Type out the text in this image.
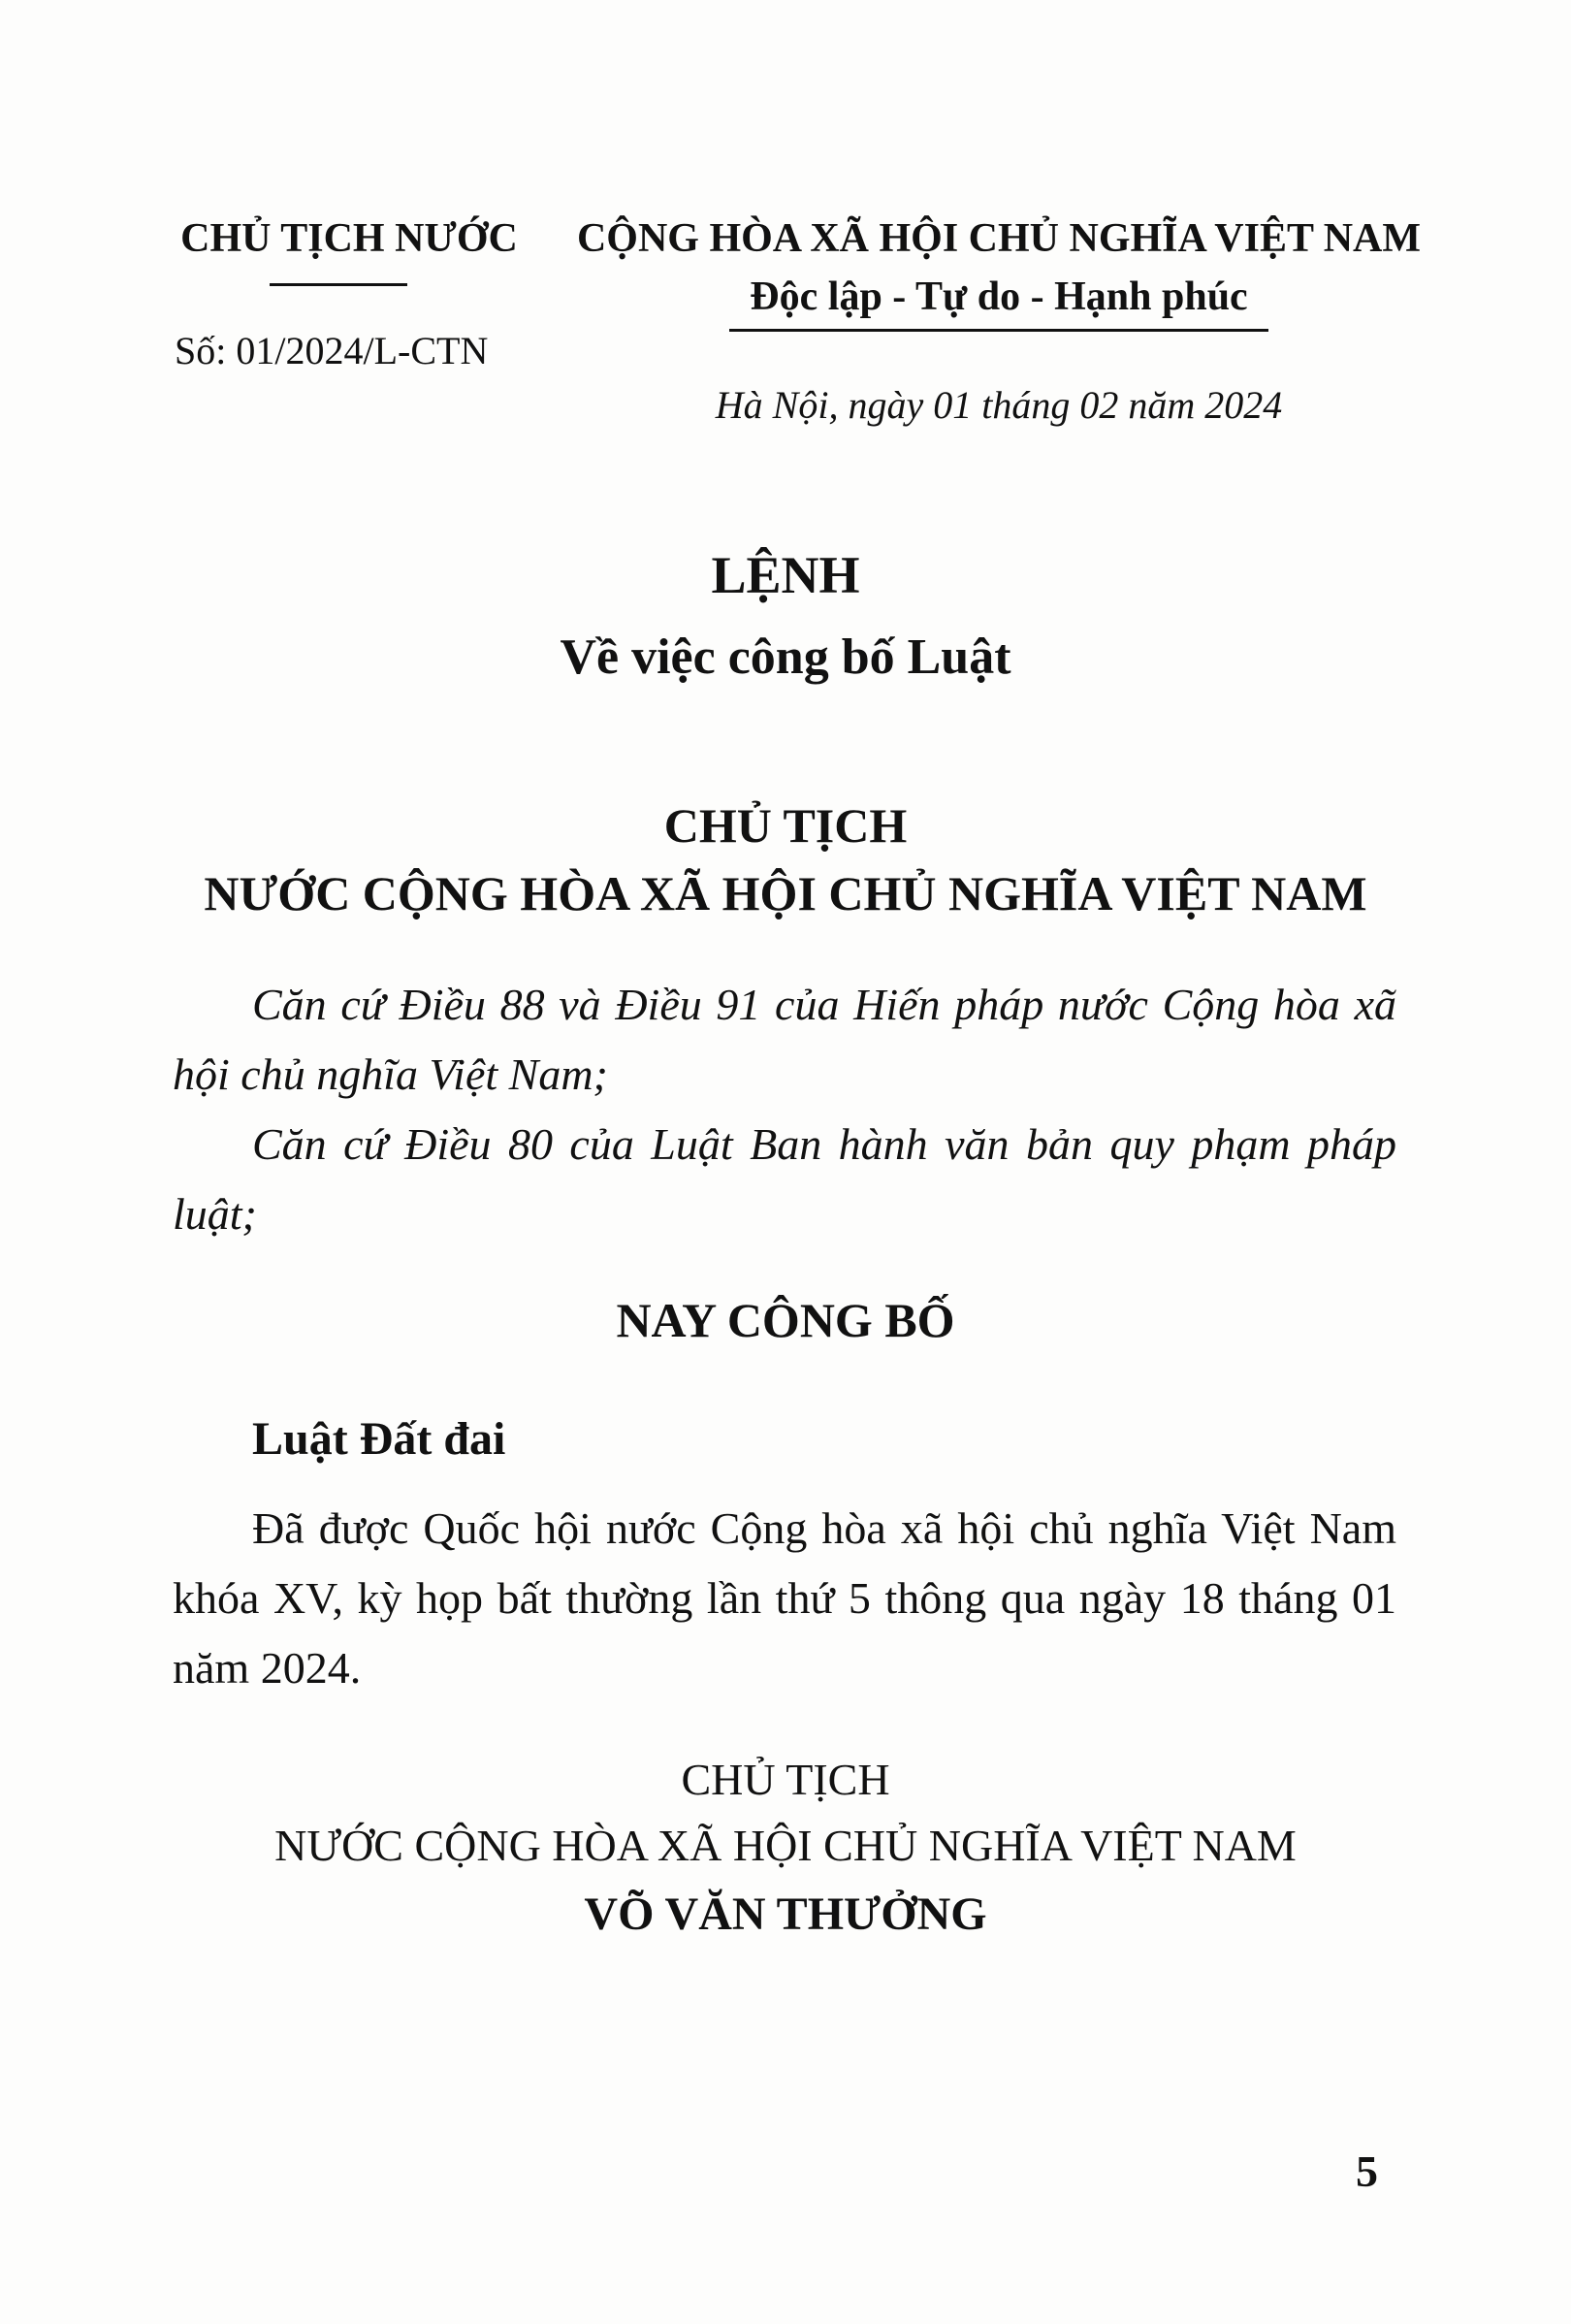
CHỦ TỊCH NƯỚC
Số: 01/2024/L-CTN
CỘNG HÒA XÃ HỘI CHỦ NGHĨA VIỆT NAM
Độc lập - Tự do - Hạnh phúc
Hà Nội, ngày 01 tháng 02 năm 2024
LỆNH
Về việc công bố Luật
CHỦ TỊCH
NƯỚC CỘNG HÒA XÃ HỘI CHỦ NGHĨA VIỆT NAM

Căn cứ Điều 88 và Điều 91 của Hiến pháp nước Cộng hòa xã hội chủ nghĩa Việt Nam;

Căn cứ Điều 80 của Luật Ban hành văn bản quy phạm pháp luật;

NAY CÔNG BỐ
Luật Đất đai

Đã được Quốc hội nước Cộng hòa xã hội chủ nghĩa Việt Nam khóa XV, kỳ họp bất thường lần thứ 5 thông qua ngày 18 tháng 01 năm 2024.

CHỦ TỊCH
NƯỚC CỘNG HÒA XÃ HỘI CHỦ NGHĨA VIỆT NAM
VÕ VĂN THƯỞNG
5
